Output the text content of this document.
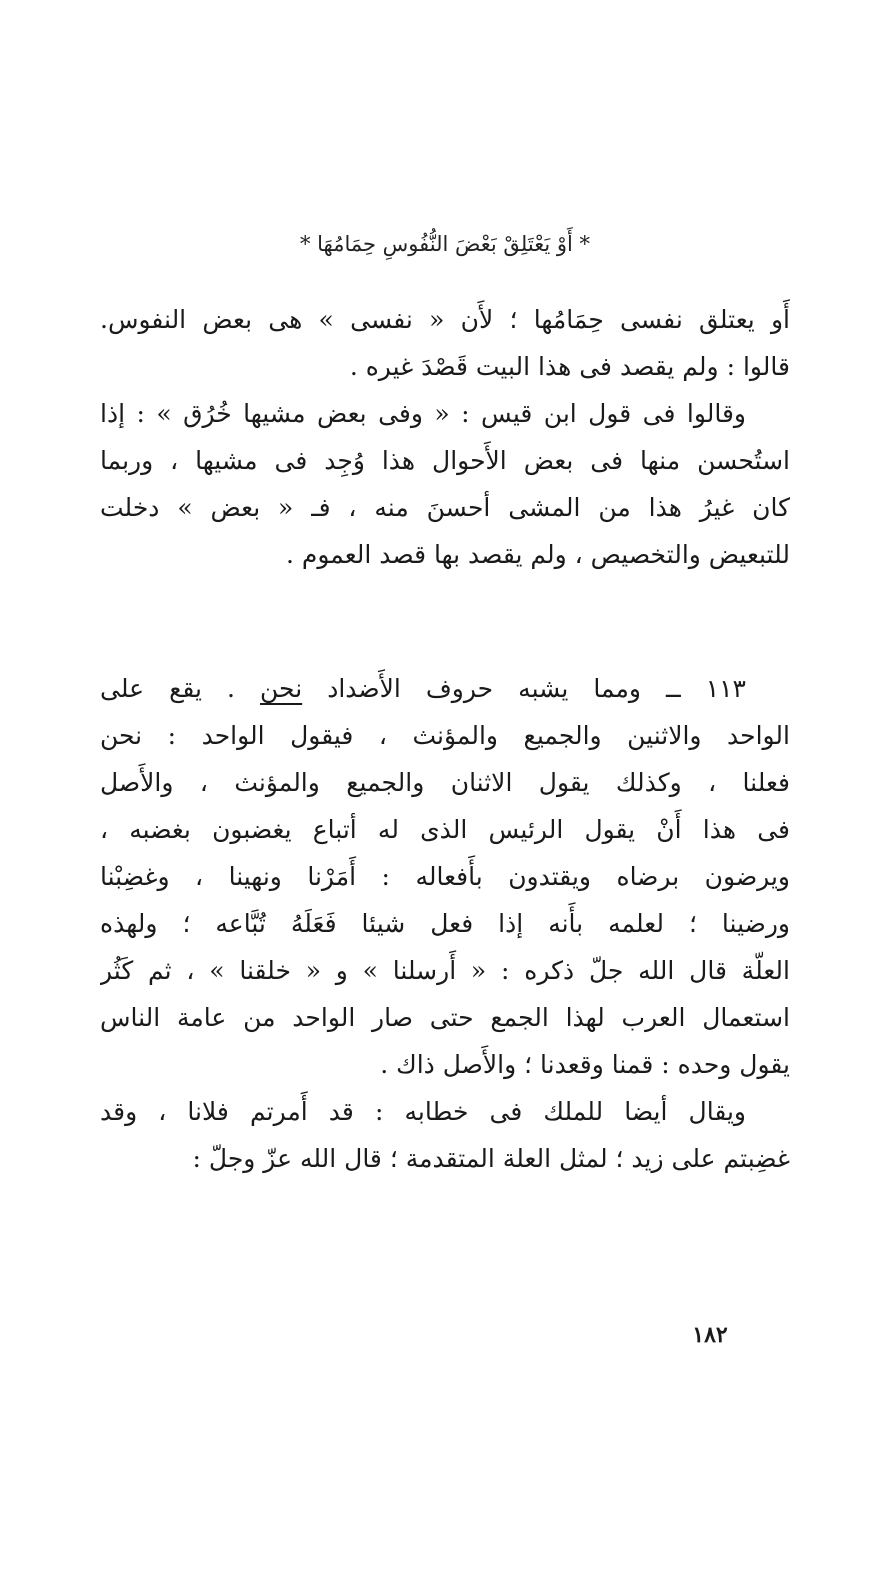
* أَوْ يَعْتَلِقْ بَعْضَ النُّفُوسِ حِمَامُهَا *
أَو يعتلق نفسى حِمَامُها ؛ لأَن « نفسى » هى بعض النفوس.
قالوا : ولم يقصد فى هذا البيت قَصْدَ غيره .
وقالوا فى قول ابن قيس : « وفى بعض مشيها خُرُق » : إذا
استُحسن منها فى بعض الأَحوال هذا وُجِد فى مشيها ، وربما
كان غيرُ هذا من المشى أحسنَ منه ، فـ « بعض » دخلت
للتبعيض والتخصيص ، ولم يقصد بها قصد العموم .
١١٣ ــ ومما يشبه حروف الأَضداد نحن . يقع على
الواحد والاثنين والجميع والمؤنث ، فيقول الواحد : نحن
فعلنا ، وكذلك يقول الاثنان والجميع والمؤنث ، والأَصل
فى هذا أَنْ يقول الرئيس الذى له أتباع يغضبون بغضبه ،
ويرضون برضاه ويقتدون بأَفعاله : أَمَرْنا ونهينا ، وغضِبْنا
ورضينا ؛ لعلمه بأَنه إذا فعل شيئا فَعَلَهُ تُبَّاعه ؛ ولهذه
العلّة قال الله جلّ ذكره : « أَرسلنا » و « خلقنا » ، ثم كَثُر
استعمال العرب لهذا الجمع حتى صار الواحد من عامة الناس
يقول وحده : قمنا وقعدنا ؛ والأَصل ذاك .
ويقال أيضا للملك فى خطابه : قد أَمرتم فلانا ، وقد
غضِبتم على زيد ؛ لمثل العلة المتقدمة ؛ قال الله عزّ وجلّ :
١٨٢
